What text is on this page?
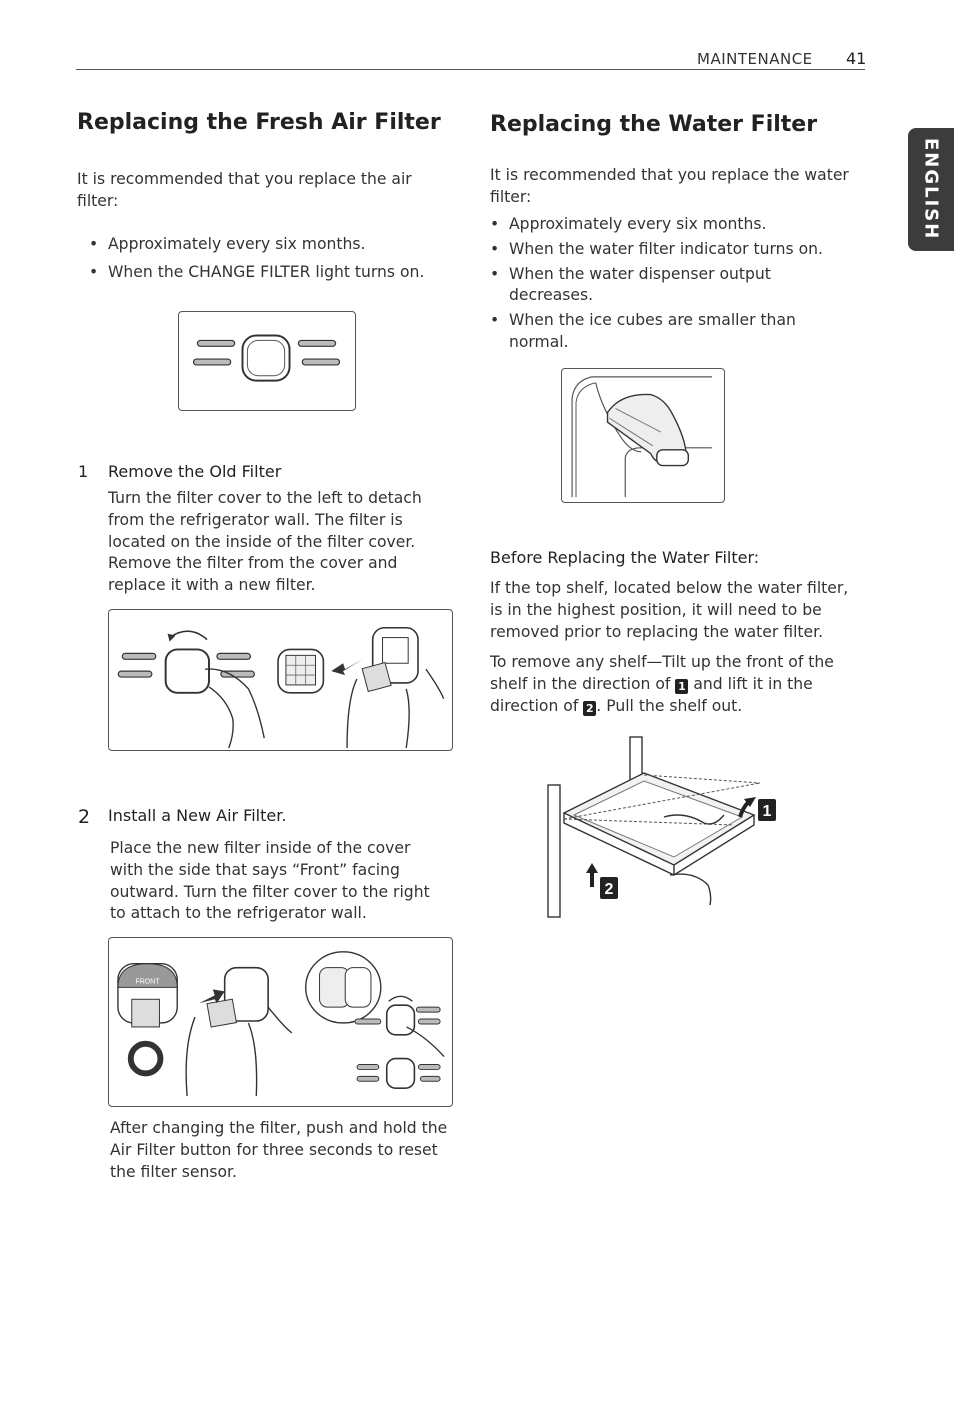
MAINTENANCE 41
ENGLISH
Replacing the Fresh Air Filter
It is recommended that you replace the air filter:
• Approximately every six months.
• When the CHANGE FILTER light turns on.
1 Remove the Old Filter
Turn the filter cover to the left to detach from the refrigerator wall. The filter is located on the inside of the filter cover. Remove the filter from the cover and replace it with a new filter.
2 Install a New Air Filter.
Place the new filter inside of the cover with the side that says “Front” facing outward. Turn the filter cover to the right to attach to the refrigerator wall.
FRONT
After changing the filter, push and hold the Air Filter button for three seconds to reset the filter sensor.
Replacing the Water Filter
It is recommended that you replace the water filter:
• Approximately every six months.
• When the water filter indicator turns on.
• When the water dispenser output decreases.
• When the ice cubes are smaller than normal.
Before Replacing the Water Filter:
If the top shelf, located below the water filter, is in the highest position, it will need to be removed prior to replacing the water filter.
To remove any shelf—Tilt up the front of the shelf in the direction of 1 and lift it in the direction of 2 . Pull the shelf out.
1
2
